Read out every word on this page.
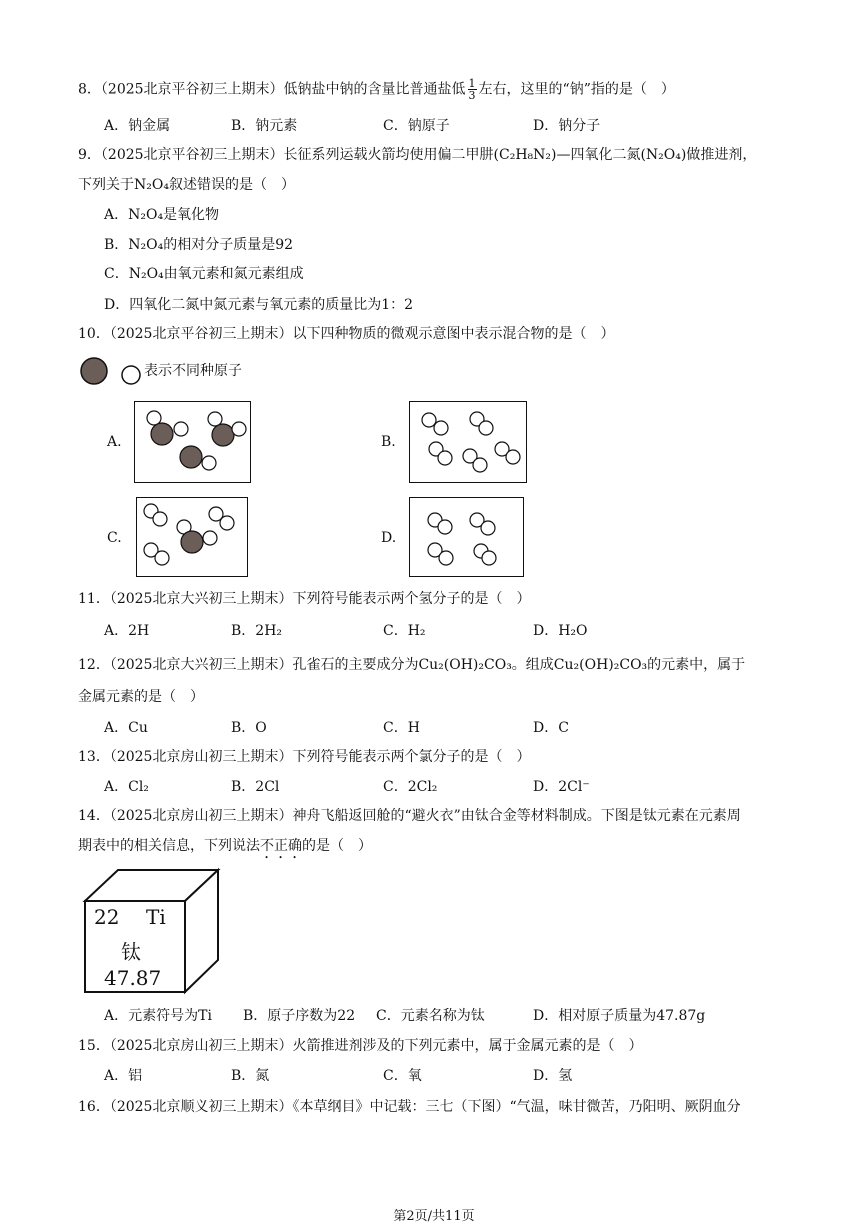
8．（2025北京平谷初三上期末）低钠盐中钠的含量比普通盐低 $\frac{1}{3}$ 左右，这里的“钠”指的是（　）
A．钠金属	B．钠元素	C．钠原子	D．钠分子
9．（2025北京平谷初三上期末）长征系列运载火箭均使用偏二甲肼(C₂H₈N₂)—四氧化二氮(N₂O₄)做推进剂，
下列关于N₂O₄叙述错误的是（　）
A．N₂O₄是氧化物
B．N₂O₄的相对分子质量是92
C．N₂O₄由氧元素和氮元素组成
D．四氧化二氮中氮元素与氧元素的质量比为1：2
10．（2025北京平谷初三上期末）以下四种物质的微观示意图中表示混合物的是（　）
表示不同种原子
A.	B.
C.	D.
11．（2025北京大兴初三上期末）下列符号能表示两个氢分子的是（　）
A．2H	B．2H₂	C．H₂	D．H₂O
12．（2025北京大兴初三上期末）孔雀石的主要成分为Cu₂(OH)₂CO₃。组成Cu₂(OH)₂CO₃的元素中，属于
金属元素的是（　）
A．Cu	B．O	C．H	D．C
13．（2025北京房山初三上期末）下列符号能表示两个氯分子的是（　）
A．Cl₂	B．2Cl	C．2Cl₂	D．2Cl⁻
14．（2025北京房山初三上期末）神舟飞船返回舱的“避火衣”由钛合金等材料制成。下图是钛元素在元素周
期表中的相关信息，下列说法不正确的是（　）
22 Ti
钛
47.87
A．元素符号为Ti B．原子序数为22 C．元素名称为钛	D．相对原子质量为47.87g
15．（2025北京房山初三上期末）火箭推进剂涉及的下列元素中，属于金属元素的是（　）
A．铝	B．氮	C．氧	D．氢
16．（2025北京顺义初三上期末）《本草纲目》中记载：三七（下图）“气温，味甘微苦，乃阳明、厥阴血分
第2页/共11页
